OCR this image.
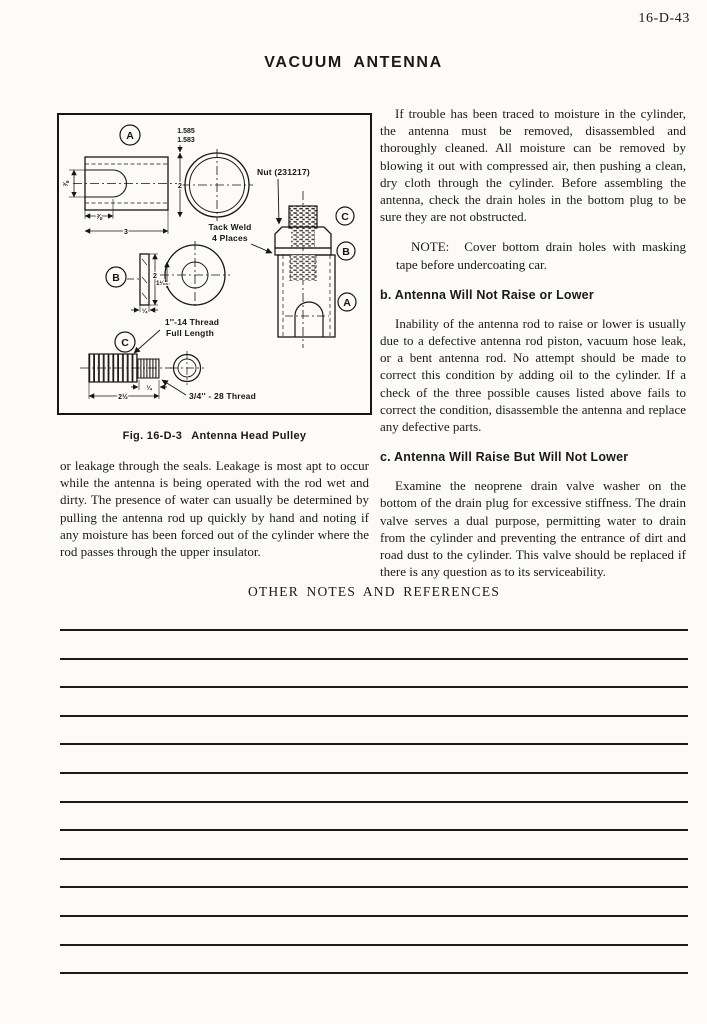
16-D-43
VACUUM ANTENNA
A
⅞
⅞
3
1.585
1.583
2
Nut (231217)
Tack Weld
4 Places
C
B
A
B	2
1¹⁄₁₆
¼
1''-14 Thread
Full Length
C
¼
2½	3/4'' - 28 Thread
Fig. 16-D-3 Antenna Head Pulley

or leakage through the seals. Leakage is most apt to occur while the antenna is being operated with the rod wet and dirty. The presence of water can usually be determined by pulling the antenna rod up quickly by hand and noting if any moisture has been forced out of the cylinder where the rod passes through the upper insulator.

If trouble has been traced to moisture in the cylinder, the antenna must be removed, disassembled and thoroughly cleaned. All moisture can be removed by blowing it out with compressed air, then pushing a clean, dry cloth through the cylinder. Before assembling the antenna, check the drain holes in the bottom plug to be sure they are not obstructed.

NOTE: Cover bottom drain holes with masking tape before undercoating car.

b. Antenna Will Not Raise or Lower

Inability of the antenna rod to raise or lower is usually due to a defective antenna rod piston, vacuum hose leak, or a bent antenna rod. No attempt should be made to correct this condition by adding oil to the cylinder. If a check of the three possible causes listed above fails to correct the condition, disassemble the antenna and replace any defective parts.

c. Antenna Will Raise But Will Not Lower

Examine the neoprene drain valve washer on the bottom of the drain plug for excessive stiffness. The drain valve serves a dual purpose, permitting water to drain from the cylinder and preventing the entrance of dirt and road dust to the cylinder. This valve should be replaced if there is any question as to its serviceability.

OTHER NOTES AND REFERENCES
